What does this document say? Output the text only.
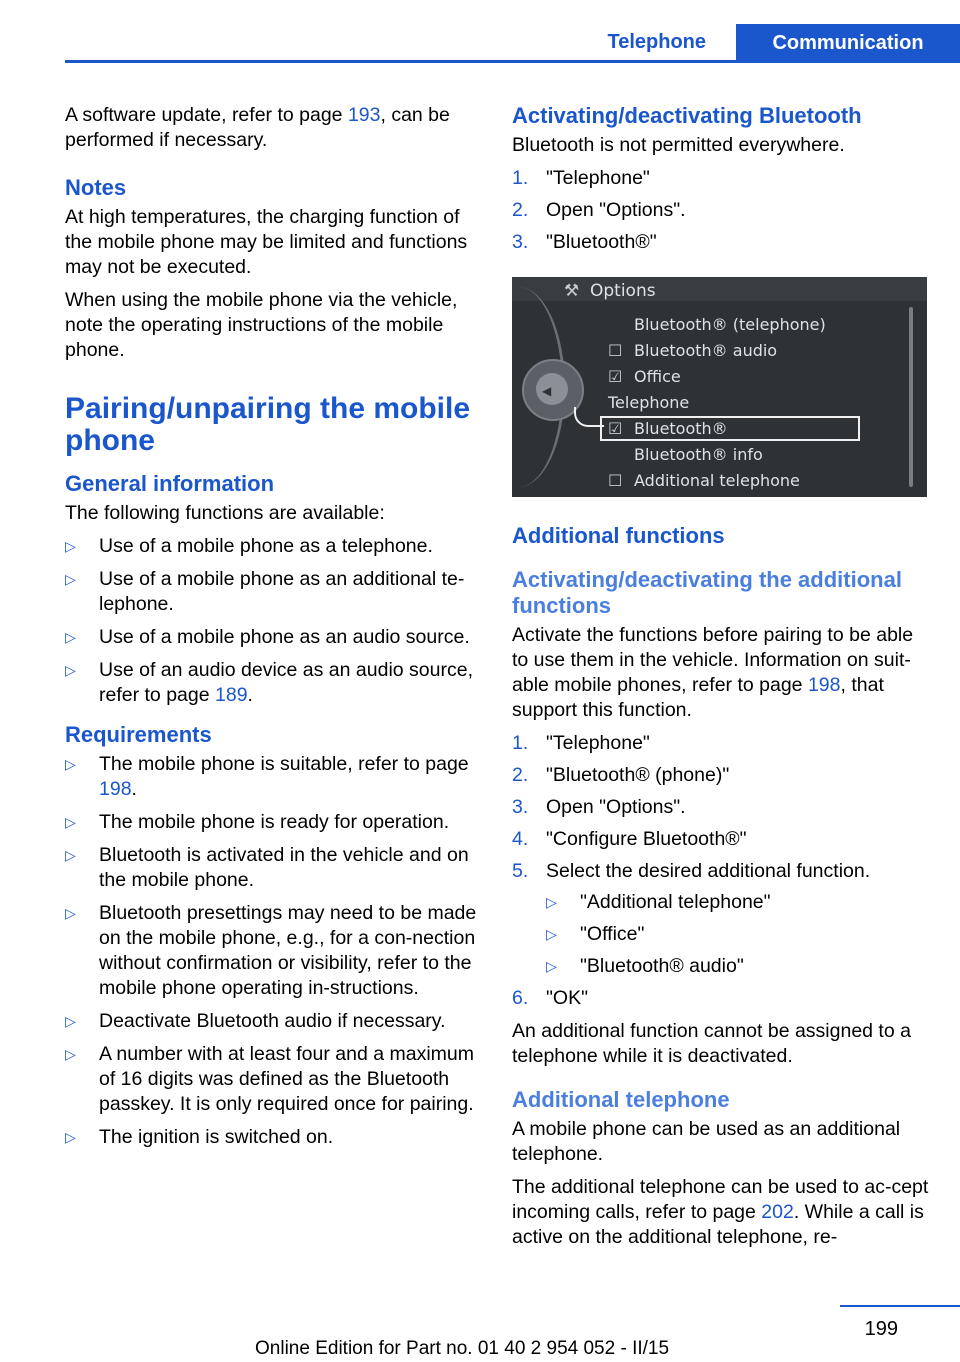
Telephone	Communication

A software update, refer to page 193, can be performed if necessary.

Notes

At high temperatures, the charging function of the mobile phone may be limited and functions may not be executed.

When using the mobile phone via the vehicle, note the operating instructions of the mobile phone.

Pairing/unpairing the mobile phone
General information

The following functions are available:

▷ Use of a mobile phone as a telephone.
▷ Use of a mobile phone as an additional te‐lephone.
▷ Use of a mobile phone as an audio source.
▷ Use of an audio device as an audio source, refer to page 189.
Requirements
▷ The mobile phone is suitable, refer to page 198.
▷ The mobile phone is ready for operation.
▷ Bluetooth is activated in the vehicle and on the mobile phone.
▷ Bluetooth presettings may need to be made on the mobile phone, e.g., for a con‐nection without confirmation or visibility, refer to the mobile phone operating in‐structions.
▷ Deactivate Bluetooth audio if necessary.
▷ A number with at least four and a maximum of 16 digits was defined as the Bluetooth passkey. It is only required once for pairing.
▷ The ignition is switched on.
Activating/deactivating Bluetooth

Bluetooth is not permitted everywhere.

1. "Telephone"
2. Open "Options".
3. "Bluetooth®"
⚒ Options
◀
Bluetooth® (telephone)
☐ Bluetooth® audio
☑ Office
Telephone
☑ Bluetooth®
Bluetooth® info
☐ Additional telephone
Additional functions
Activating/deactivating the additional functions

Activate the functions before pairing to be able to use them in the vehicle. Information on suit‐able mobile phones, refer to page 198, that support this function.

1. "Telephone"
2. "Bluetooth® (phone)"
3. Open "Options".
4. "Configure Bluetooth®"
5. Select the desired additional function.
▷ "Additional telephone"
▷ "Office"
▷ "Bluetooth® audio"
6. "OK"

An additional function cannot be assigned to a telephone while it is deactivated.

Additional telephone

A mobile phone can be used as an additional telephone.

The additional telephone can be used to ac‐cept incoming calls, refer to page 202. While a call is active on the additional telephone, re‐

199
Online Edition for Part no. 01 40 2 954 052 - II/15
